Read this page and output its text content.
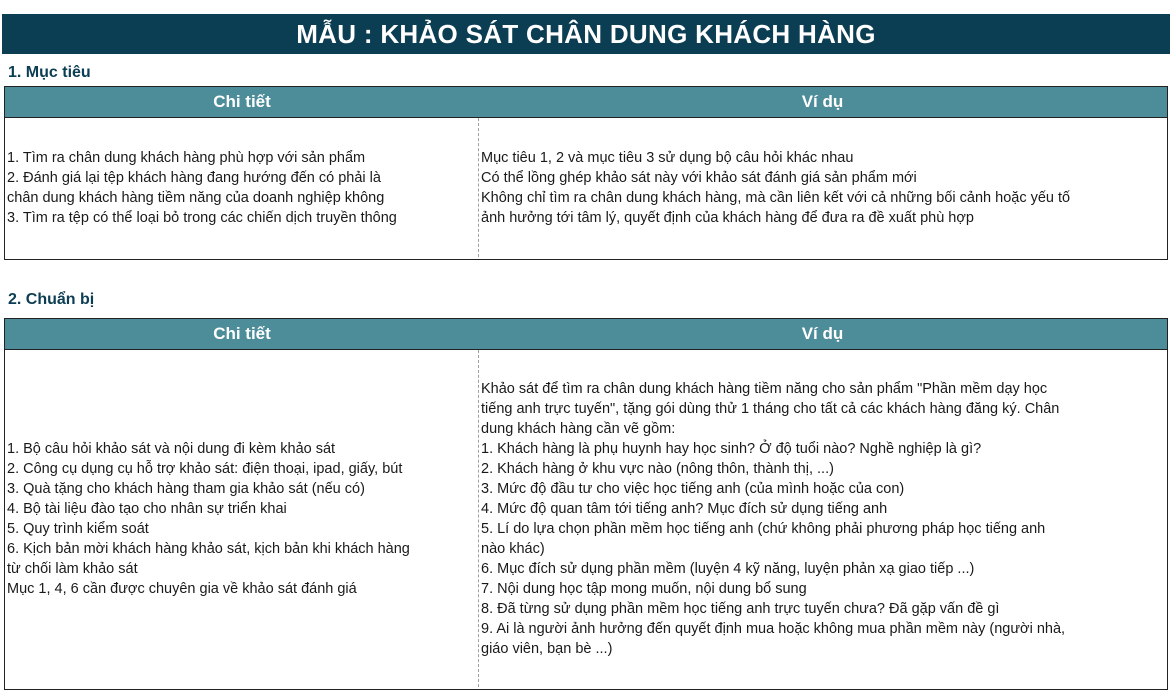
MẪU : KHẢO SÁT CHÂN DUNG KHÁCH HÀNG
1. Mục tiêu
Chi tiết	Ví dụ
1. Tìm ra chân dung khách hàng phù hợp với sản phẩm
2. Đánh giá lại tệp khách hàng đang hướng đến có phải là
chân dung khách hàng tiềm năng của doanh nghiệp không
3. Tìm ra tệp có thể loại bỏ trong các chiến dịch truyền thông
Mục tiêu 1, 2 và mục tiêu 3 sử dụng bộ câu hỏi khác nhau
Có thể lồng ghép khảo sát này với khảo sát đánh giá sản phẩm mới
Không chỉ tìm ra chân dung khách hàng, mà cần liên kết với cả những bối cảnh hoặc yếu tố
ảnh hưởng tới tâm lý, quyết định của khách hàng để đưa ra đề xuất phù hợp
2. Chuẩn bị
Chi tiết	Ví dụ
1. Bộ câu hỏi khảo sát và nội dung đi kèm khảo sát
2. Công cụ dụng cụ hỗ trợ khảo sát: điện thoại, ipad, giấy, bút
3. Quà tặng cho khách hàng tham gia khảo sát (nếu có)
4. Bộ tài liệu đào tạo cho nhân sự triển khai
5. Quy trình kiểm soát
6. Kịch bản mời khách hàng khảo sát, kịch bản khi khách hàng
từ chối làm khảo sát
Mục 1, 4, 6 cần được chuyên gia về khảo sát đánh giá
Khảo sát để tìm ra chân dung khách hàng tiềm năng cho sản phẩm "Phần mềm dạy học
tiếng anh trực tuyến", tặng gói dùng thử 1 tháng cho tất cả các khách hàng đăng ký. Chân
dung khách hàng cần vẽ gồm:
1. Khách hàng là phụ huynh hay học sinh? Ở độ tuổi nào? Nghề nghiệp là gì?
2. Khách hàng ở khu vực nào (nông thôn, thành thị, ...)
3. Mức độ đầu tư cho việc học tiếng anh (của mình hoặc của con)
4. Mức độ quan tâm tới tiếng anh? Mục đích sử dụng tiếng anh
5. Lí do lựa chọn phần mềm học tiếng anh (chứ không phải phương pháp học tiếng anh
nào khác)
6. Mục đích sử dụng phần mềm (luyện 4 kỹ năng, luyện phản xạ giao tiếp ...)
7. Nội dung học tập mong muốn, nội dung bổ sung
8. Đã từng sử dụng phần mềm học tiếng anh trực tuyến chưa? Đã gặp vấn đề gì
9. Ai là người ảnh hưởng đến quyết định mua hoặc không mua phần mềm này (người nhà,
giáo viên, bạn bè ...)
